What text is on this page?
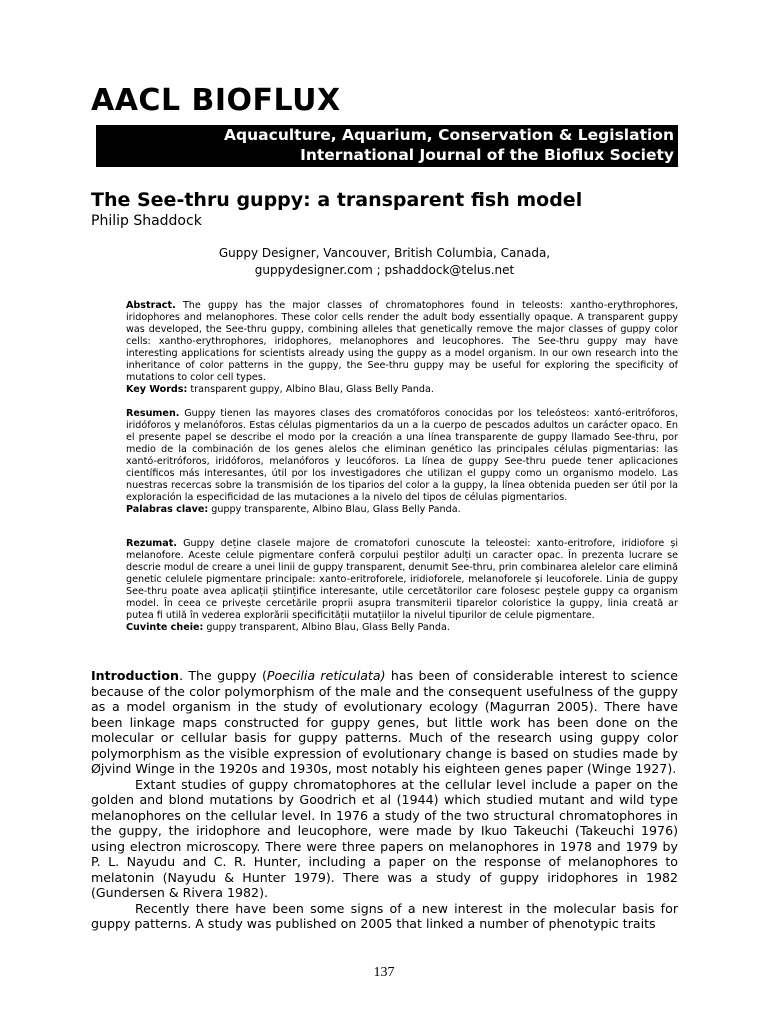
AACL BIOFLUX
Aquaculture, Aquarium, Conservation & Legislation
International Journal of the Bioflux Society
The See-thru guppy: a transparent fish model
Philip Shaddock
Guppy Designer, Vancouver, British Columbia, Canada,
guppydesigner.com ; pshaddock@telus.net
Abstract. The guppy has the major classes of chromatophores found in teleosts: xantho-erythrophores, iridophores and melanophores. These color cells render the adult body essentially opaque. A transparent guppy was developed, the See-thru guppy, combining alleles that genetically remove the major classes of guppy color cells: xantho-erythrophores, iridophores, melanophores and leucophores. The See-thru guppy may have interesting applications for scientists already using the guppy as a model organism. In our own research into the inheritance of color patterns in the guppy, the See-thru guppy may be useful for exploring the specificity of mutations to color cell types.
Key Words: transparent guppy, Albino Blau, Glass Belly Panda.
Resumen. Guppy tienen las mayores clases des cromatóforos conocidas por los teleósteos: xantó-eritróforos, iridóforos y melanóforos. Estas células pigmentarios da un a la cuerpo de pescados adultos un carácter opaco. En el presente papel se describe el modo por la creación a una línea transparente de guppy llamado See-thru, por medio de la combinación de los genes alelos che eliminan genético las principales células pigmentarias: las xantó-eritróforos, iridóforos, melanóforos y leucóforos. La línea de guppy See-thru puede tener aplicaciones científicos más interesantes, útil por los investigadores che utilizan el guppy como un organismo modelo. Las nuestras recercas sobre la transmisión de los tiparios del color a la guppy, la línea obtenida pueden ser útil por la exploración la especificidad de las mutaciones a la nivelo del tipos de células pigmentarios.
Palabras clave: guppy transparente, Albino Blau, Glass Belly Panda.
Rezumat. Guppy deține clasele majore de cromatofori cunoscute la teleostei: xanto-eritrofore, iridiofore și melanofore. Aceste celule pigmentare conferă corpului peștilor adulți un caracter opac. În prezenta lucrare se descrie modul de creare a unei linii de guppy transparent, denumit See-thru, prin combinarea alelelor care elimină genetic celulele pigmentare principale: xanto-eritroforele, iridioforele, melanoforele și leucoforele. Linia de guppy See-thru poate avea aplicații științifice interesante, utile cercetătorilor care folosesc peștele guppy ca organism model. În ceea ce privește cercetările proprii asupra transmiterii tiparelor coloristice la guppy, linia creată ar putea fi utilă în vederea explorării specificității mutațiilor la nivelul tipurilor de celule pigmentare.
Cuvinte cheie: guppy transparent, Albino Blau, Glass Belly Panda.

Introduction. The guppy (Poecilia reticulata) has been of considerable interest to science because of the color polymorphism of the male and the consequent usefulness of the guppy as a model organism in the study of evolutionary ecology (Magurran 2005). There have been linkage maps constructed for guppy genes, but little work has been done on the molecular or cellular basis for guppy patterns. Much of the research using guppy color polymorphism as the visible expression of evolutionary change is based on studies made by Øjvind Winge in the 1920s and 1930s, most notably his eighteen genes paper (Winge 1927).

Extant studies of guppy chromatophores at the cellular level include a paper on the golden and blond mutations by Goodrich et al (1944) which studied mutant and wild type melanophores on the cellular level. In 1976 a study of the two structural chromatophores in the guppy, the iridophore and leucophore, were made by Ikuo Takeuchi (Takeuchi 1976) using electron microscopy. There were three papers on melanophores in 1978 and 1979 by P. L. Nayudu and C. R. Hunter, including a paper on the response of melanophores to melatonin (Nayudu & Hunter 1979). There was a study of guppy iridophores in 1982 (Gundersen & Rivera 1982).

Recently there have been some signs of a new interest in the molecular basis for guppy patterns. A study was published on 2005 that linked a number of phenotypic traits

137
